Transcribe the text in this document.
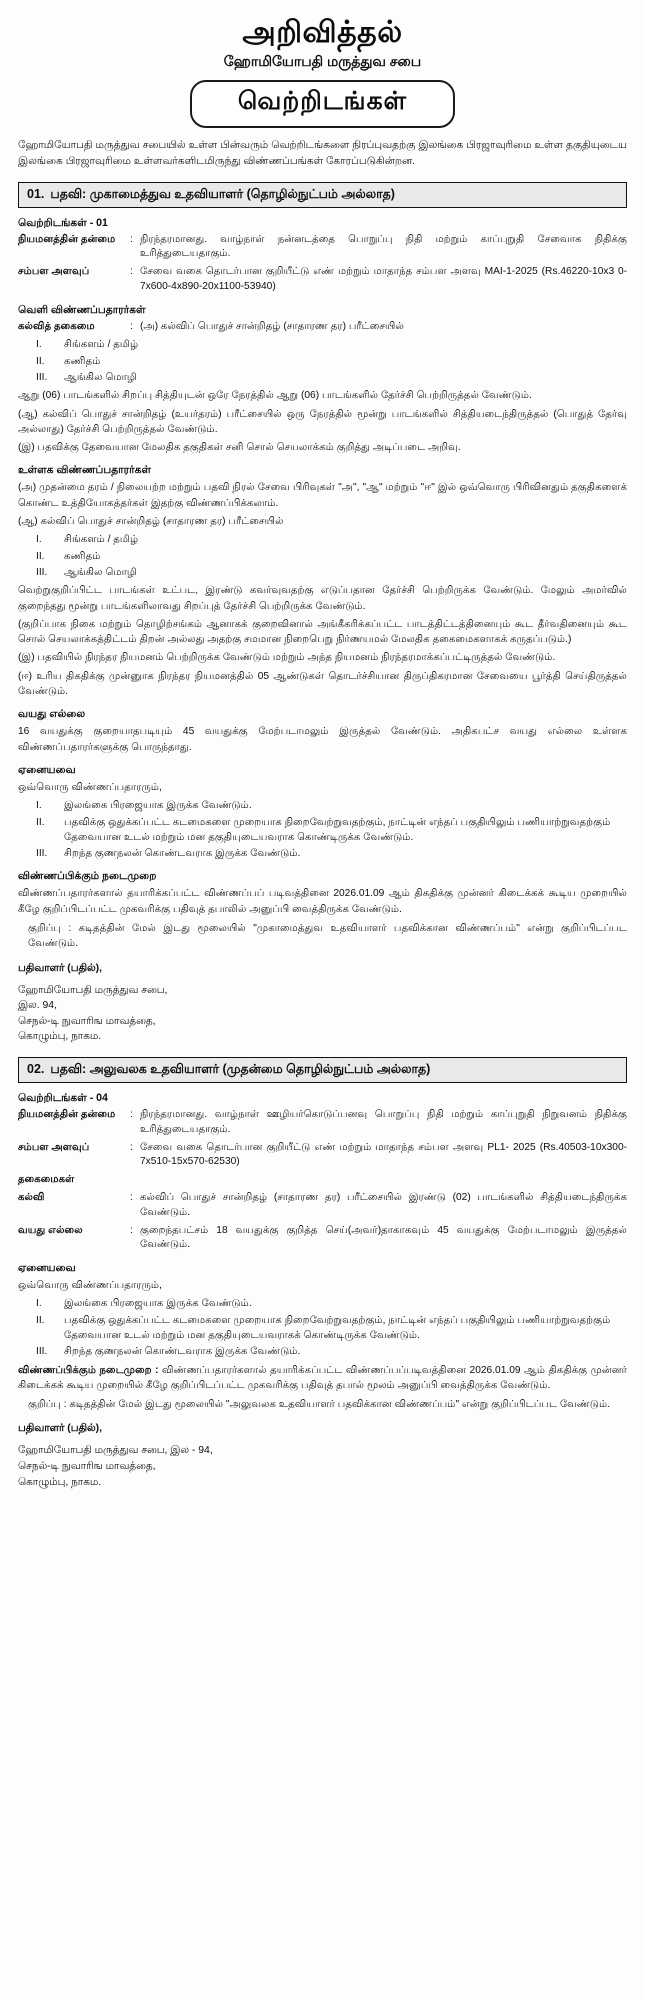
அறிவித்தல்
ஹோமியோபதி மருத்துவ சபை
வெற்றிடங்கள்
ஹோமியோபதி மருத்துவ சபையில் உள்ள பின்வரும் வெற்றிடங்களை நிரப்புவதற்கு இலங்கை பிரஜாவுரிமை உள்ள தகுதியுடைய இலங்கை பிரஜாவுரிமை உள்ளவர்களிடமிருந்து விண்ணப்பங்கள் கோரப்படுகின்றன.
01. பதவி: முகாமைத்துவ உதவியாளர் (தொழில்நுட்பம் அல்லாத)
வெற்றிடங்கள் - 01
நியமனத்தின் தன்மை	: நிரந்தரமானது. வாழ்நாள் நன்னடத்தை பொறுப்பு நிதி மற்றும் காப்புறுதி சேவைாக நிதிக்கு உரித்துடையதாகும்.
சம்பள அளவுப்	: சேவை வகை தொடர்பான குறியீட்டு எண் மற்றும் மாதாந்த சம்பள அளவு MAI-1-2025 (Rs.46220-10x3 0-7x600-4x890-20x1100-53940)
வெளி விண்ணப்பதாரர்கள்
கல்வித் தகைமை	: (அ) கல்விப் பொதுச் சான்றிதழ் (சாதாரண தர) பரீட்சையில்
I.	சிங்களம் / தமிழ்
II.	கணிதம்
III.	ஆங்கில மொழி
ஆறு (06) பாடங்களில் சிறப்பு சித்தியுடன் ஒரே நேரத்தில் ஆறு (06) பாடங்களில் தேர்ச்சி பெற்றிருத்தல் வேண்டும்.
(ஆ) கல்விப் பொதுச் சான்றிதழ் (உயர்தரம்) பரீட்சையில் ஒரு நேரத்தில் மூன்று பாடங்களில் சித்தியடைந்திருத்தல் (பொதுத் தேர்வு அல்லாது) தேர்ச்சி பெற்றிருத்தல் வேண்டும்.
(இ) பதவிக்கு தேவையான மேலதிக தகுதிகள் சனி சொல் செயலாக்கம் குறித்து அடிப்படை அறிவு.
உள்ளக விண்ணப்பதாரர்கள்
(அ) முதன்மை தரம் / நிலையற்ற மற்றும் பதவி நிரல் சேவை பிரிவுகள் "அ", "ஆ" மற்றும் "ஈ" இல் ஒவ்வொரு பிரிவினதும் தகுதிகளைக் கொண்ட உத்தியோகத்தர்கள் இதற்கு விண்ணப்பிக்கலாம்.
(ஆ) கல்விப் பொதுச் சான்றிதழ் (சாதாரண தர) பரீட்சையில்
I.	சிங்களம் / தமிழ்
II.	கணிதம்
III.	ஆங்கில மொழி
வெற்றுகுறிப்பிட்ட பாடங்கள் உட்பட, இரண்டு கவர்வுவதற்கு எடுப்பதான தேர்ச்சி பெற்றிருக்க வேண்டும். மேலும் அமர்வில் குறைந்தது மூன்று பாடங்களிலாவது சிறப்புத் தேர்ச்சி பெற்றிருக்க வேண்டும்.
(குறிப்பாக நிகை மற்றும் தொழிற்சங்கம் ஆனாகக் குறைவினால் அங்கீகரிக்கப்பட்ட பாடத்திட்டத்தினையும் கூட தீர்வதினையும் கூட சொல் செயலாக்கத்திட்டம் திறன் அல்லது அதற்கு சமமான நிறைபெறு நிர்ணயமல் மேலதிக தகைமைகளாகக் கருதப்படும்.)
(இ) பதவியில் நிரந்தர நியமனம் பெற்றிருக்க வேண்டும் மற்றும் அந்த நியமனம் நிரந்தரமாக்கப்பட்டிருத்தல் வேண்டும்.
(ஈ) உரிய திகதிக்கு முன்னுாக நிரந்தர நியமனத்தில் 05 ஆண்டுகள் தொடர்ச்சியான திருப்திகரமான சேவையை பூர்த்தி செய்திருத்தல் வேண்டும்.
வயது எல்லை
16 வயதுக்கு குறையாதபடியும் 45 வயதுக்கு மேற்படாமலும் இருத்தல் வேண்டும். அதிகபட்ச வயது எல்லை உள்ளக விண்ணப்பதாரர்களுக்கு பொருந்தாது.
ஏனையவை
ஒவ்வொரு விண்ணப்பதாரரும்,
I.	இலங்கை பிரஜையாக இருக்க வேண்டும்.
II.	பதவிக்கு ஒதுக்கப்பட்ட கடமைகளை முறையாக நிறைவேற்றுவதற்கும், நாட்டின் எந்தப் பகுதியிலும் பணியாற்றுவதற்கும் தேவையான உடல் மற்றும் மன தகுதியுடையவராக கொண்டிருக்க வேண்டும்.
III.	சிறந்த குணநலன் கொண்டவராக இருக்க வேண்டும்.
விண்ணப்பிக்கும் நடைமுறை
விண்ணப்பதாரர்களால் தயாரிக்கப்பட்ட விண்ணப்பப் படிவத்தினை 2026.01.09 ஆம் திகதிக்கு முன்னர் கிடைக்கக் கூடிய முறையில் கீழே குறிப்பிடப்பட்ட முகவரிக்கு பதிவுத் தபாலில் அனுப்பி வைத்திருக்க வேண்டும்.
குறிப்பு : கடிதத்தின் மேல் இடது மூலையில் "முகாமைத்துவ உதவியாளர் பதவிக்கான விண்ணப்பம்" என்று குறிப்பிடப்பட வேண்டும்.
பதிவாளர் (பதில்),
ஹோமியோபதி மருத்துவ சபை,
இல. 94,
செநல்-டி நுவாரிங மாவத்தை,
கொழும்பு, நாகம.
02. பதவி: அலுவலக உதவியாளர் (முதன்மை தொழில்நுட்பம் அல்லாத)
வெற்றிடங்கள் - 04
நியமனத்தின் தன்மை	: நிரந்தரமானது. வாழ்நாள் ஊழியர்கொடுப்பனவு பொறுப்பு நிதி மற்றும் காப்புறுதி நிறுவனம் நிதிக்கு உரித்துடையதாகும்.
சம்பள அளவுப்	: சேவை வகை தொடர்பான குறியீட்டு எண் மற்றும் மாதாந்த சம்பள அளவு PL1- 2025 (Rs.40503-10x300-7x510-15x570-62530)
தகைமைகள்
கல்வி	: கல்விப் பொதுச் சான்றிதழ் (சாதாரண தர) பரீட்சையில் இரண்டு (02) பாடங்களில் சித்தியடைந்திருக்க வேண்டும்.
வயது எல்லை	: குறைந்தபட்சம் 18 வயதுக்கு குறித்த செய்(அவர்)தாகாகவும் 45 வயதுக்கு மேற்படாமலும் இருத்தல் வேண்டும்.
ஏனையவை
ஒவ்வொரு விண்ணப்பதாரரும்,
I.	இலங்கை பிரஜையாக இருக்க வேண்டும்.
II.	பதவிக்கு ஒதுக்கப்பட்ட கடமைகளை முறையாக நிறைவேற்றுவதற்கும், நாட்டின் எந்தப் பகுதியிலும் பணியாற்றுவதற்கும் தேவையான உடல் மற்றும் மன தகுதியுடையவராகக் கொண்டிருக்க வேண்டும்.
III.	சிறந்த குணநலன் கொண்டவராக இருக்க வேண்டும்.
விண்ணப்பிக்கும் நடைமுறை : விண்ணப்பதாரர்களால் தயாரிக்கப்பட்ட விண்ணப்பப்படிவத்தினை 2026.01.09 ஆம் திகதிக்கு முன்னர் கிடைக்கக் கூடிய முறையில் கீழே குறிப்பிடப்பட்ட முகவரிக்கு பதிவுத் தபால் மூலம் அனுப்பி வைத்திருக்க வேண்டும்.
குறிப்பு : கடிதத்தின் மேல் இடது மூலையில் "அலுவலக உதவியாளர் பதவிக்கான விண்ணப்பம்" என்று குறிப்பிடப்பட வேண்டும்.
பதிவாளர் (பதில்),
ஹோமியோபதி மருத்துவ சபை, இல - 94,
செநல்-டி நுவாரிங மாவத்தை,
கொழும்பு, நாகம.
